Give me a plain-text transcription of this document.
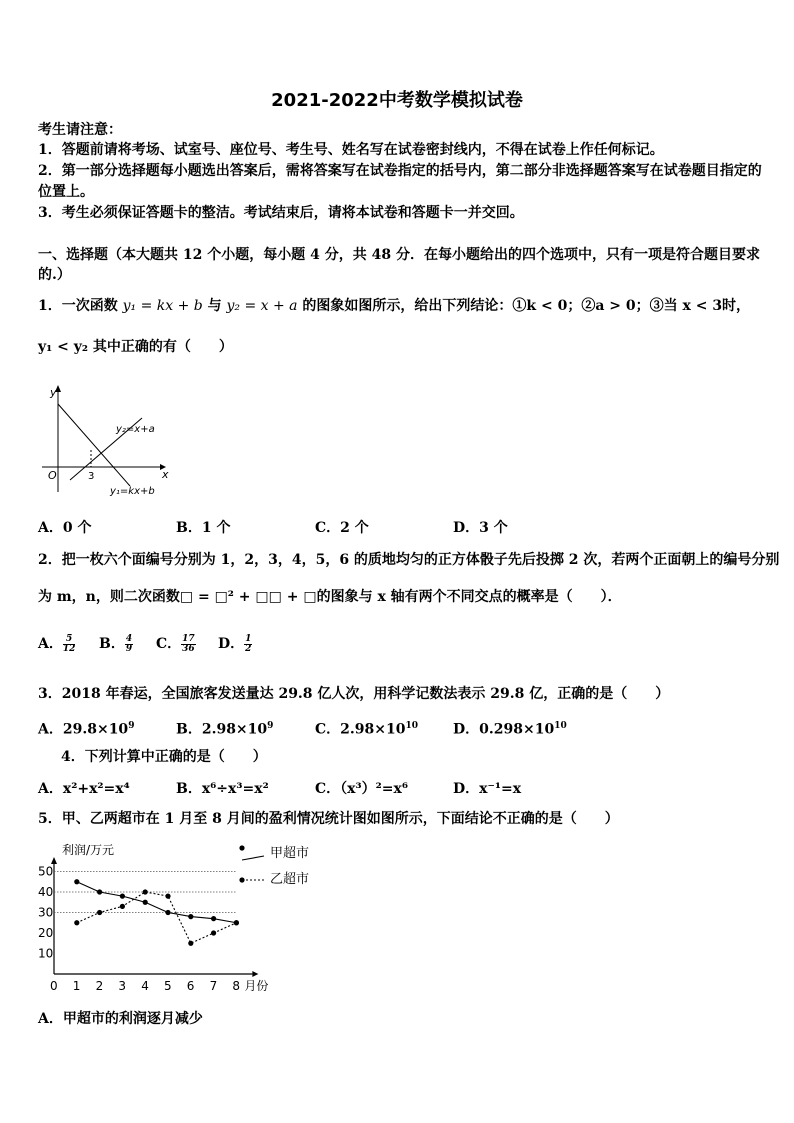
2021-2022中考数学模拟试卷
考生请注意：
1．答题前请将考场、试室号、座位号、考生号、姓名写在试卷密封线内，不得在试卷上作任何标记。
2．第一部分选择题每小题选出答案后，需将答案写在试卷指定的括号内，第二部分非选择题答案写在试卷题目指定的
位置上。
3．考生必须保证答题卡的整洁。考试结束后，请将本试卷和答题卡一并交回。
一、选择题（本大题共 12 个小题，每小题 4 分，共 48 分．在每小题给出的四个选项中，只有一项是符合题目要求
的.）
1．一次函数 y₁ = kx + b 与 y₂ = x + a 的图象如图所示，给出下列结论：①k < 0；②a > 0；③当 x < 3时，
y₁ < y₂ 其中正确的有（　　）
y
x
O	3
y₂=x+a
y₁=kx+b
A．0 个	B．1 个	C．2 个	D．3 个
2．把一枚六个面编号分别为 1，2，3，4，5，6 的质地均匀的正方体骰子先后投掷 2 次，若两个正面朝上的编号分别
为 m，n，则二次函数□ = □² + □□ + □的图象与 x 轴有两个不同交点的概率是（　　）．
A． $\frac{5}{12}$ B． $\frac{4}{9}$ C． $\frac{17}{36}$ D． $\frac{1}{2}$
3．2018 年春运，全国旅客发送量达 29.8 亿人次，用科学记数法表示 29.8 亿，正确的是（　　）
A．$29.8\times 10^9$	B．$2.98\times 10^9$	C．$2.98\times 10^{10}$	D．$0.298\times 10^{10}$
4．下列计算中正确的是（　　）
A．x²+x²=x⁴	B．x⁶÷x³=x²	C．（x³）²=x⁶	D．x⁻¹=x
5．甲、乙两超市在 1 月至 8 月间的盈利情况统计图如图所示，下面结论不正确的是（　　）
利润/万元
10
20
30
40
50
0 1 2 3 4 5 6 7 8 月份
甲超市
乙超市
A．甲超市的利润逐月减少
